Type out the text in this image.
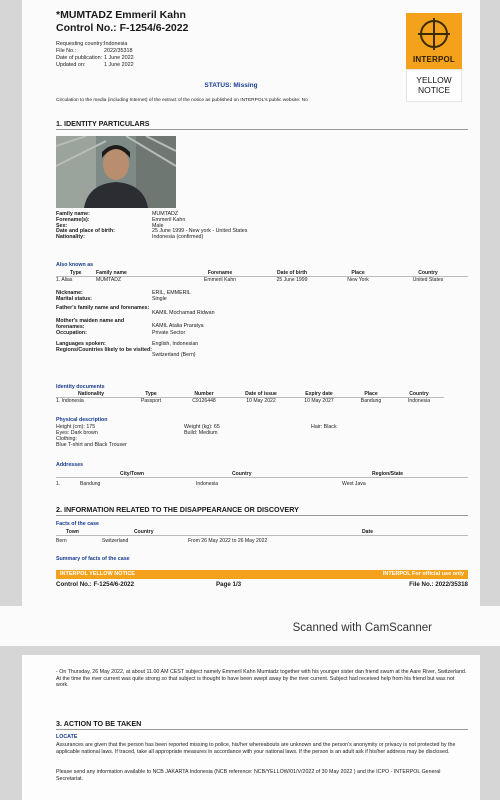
*MUMTADZ Emmeril Kahn
Control No.: F-1254/6-2022
Requesting country:Indonesia
File No.:	2022/35318
Date of publication: 1 June 2022
Updated on:	1 June 2022
INTERPOL
YELLOW
NOTICE
STATUS: Missing
Circulation to the media (including Internet) of the extract of the notice as published on INTERPOL's public website: No
1. IDENTITY PARTICULARS
Family name:	MUMTADZ
Forename(s):	Emmeril Kahn
Sex:	Male
Date and place of birth:	25 June 1999 - New york - United States
Nationality:	Indonesia (confirmed)
Also known as
Type	Family name	Forename	Date of birth	Place	Country
1. Alias	MUMTADZ	Emmeril Kahn	25 June 1999	New York	United States
Nickname:	ERIL, EMMERIL
Marital status:	Single
Father's family name and forenames:
KAMIL Mochamad Ridwan
Mother's maiden name and forenames:	KAMIL Atalia Praratya
Occupation:	Private Sector
Languages spoken:	English, Indonesian
Regions/Countries likely to be visited:
Switzerland (Bern)
Identity documents
Nationality	Type	Number	Date of issue	Expiry date	Place	Country
1. Indonesia	Passport	C9126448	10 May 2022	10 May 2027	Bandung	Indonesia
Physical description
Height (cm): 175
Eyes: Dark brown
Clothing:
Blue T-shirt and Black Trouser
Weight (kg): 65
Build: Medium
Hair: Black
Addresses
City/Town	Country	Region/State
1.	Bandung	Indonesia	West Java
2. INFORMATION RELATED TO THE DISAPPEARANCE OR DISCOVERY
Facts of the case
Town	Country	Date
Bern	Switzerland	From 26 May 2022 to 26 May 2022
Summary of facts of the case
INTERPOL YELLOW NOTICE	INTERPOL For official use only
Control No.: F-1254/6-2022	Page 1/3	File No.: 2022/35318
Scanned with CamScanner
- On Thursday, 26 May 2022, at about 11.00 AM CEST subject namely Emmeril Kahn Mumtadz together with his younger sister dan friend swum at the Aare River, Switzerland. At the time the river current was quite strong so that subject is thought to have been swept away by the river current. Subject had received help from his friend but was not work.
3. ACTION TO BE TAKEN
LOCATE
Assurances are given that the person has been reported missing to police, his/her whereabouts are unknown and the person's anonymity or privacy is not protected by the applicable national laws. If traced, take all appropriate measures in accordance with your national laws. If the person is an adult ask if his/her address may be disclosed.
Please send any information available to NCB JAKARTA Indonesia (NCB reference: NCB/YELLOW/01/V/2022 of 30 May 2022 ) and the ICPO - INTERPOL General Secretariat.
